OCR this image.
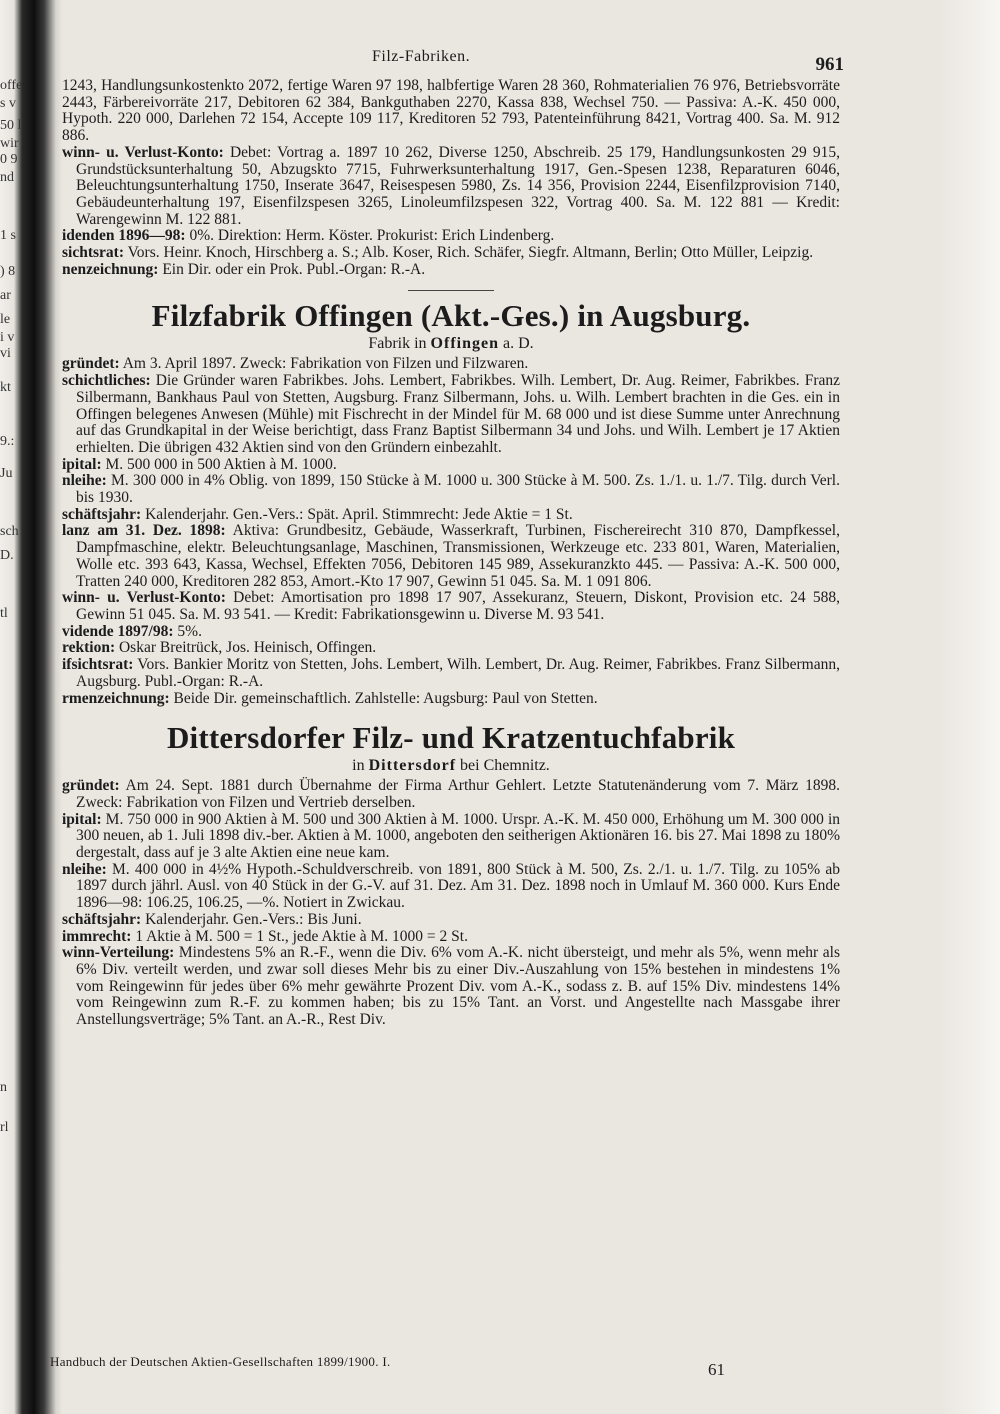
offe
s v
50 l
wir
0 9
nd
1 s
) 8
ar
le
i v
vi
kt
9.:
Ju
sch
D.
tl
n
rl
Filz-Fabriken.	961

1243, Handlungsunkostenkto 2072, fertige Waren 97 198, halbfertige Waren 28 360, Rohmaterialien 76 976, Betriebsvorräte 2443, Färbereivorräte 217, Debitoren 62 384, Bankguthaben 2270, Kassa 838, Wechsel 750. — Passiva: A.-K. 450 000, Hypoth. 220 000, Darlehen 72 154, Accepte 109 117, Kreditoren 52 793, Patenteinführung 8421, Vortrag 400. Sa. M. 912 886.

winn- u. Verlust-Konto: Debet: Vortrag a. 1897 10 262, Diverse 1250, Abschreib. 25 179, Handlungsunkosten 29 915, Grundstücksunterhaltung 50, Abzugskto 7715, Fuhrwerksunterhaltung 1917, Gen.-Spesen 1238, Reparaturen 6046, Beleuchtungsunterhaltung 1750, Inserate 3647, Reisespesen 5980, Zs. 14 356, Provision 2244, Eisenfilzprovision 7140, Gebäudeunterhaltung 197, Eisenfilzspesen 3265, Linoleumfilzspesen 322, Vortrag 400. Sa. M. 122 881 — Kredit: Warengewinn M. 122 881.

idenden 1896—98: 0%. Direktion: Herm. Köster. Prokurist: Erich Lindenberg.

sichtsrat: Vors. Heinr. Knoch, Hirschberg a. S.; Alb. Koser, Rich. Schäfer, Siegfr. Altmann, Berlin; Otto Müller, Leipzig.

nenzeichnung: Ein Dir. oder ein Prok. Publ.-Organ: R.-A.

Filzfabrik Offingen (Akt.-Ges.) in Augsburg.
Fabrik in Offingen a. D.

gründet: Am 3. April 1897. Zweck: Fabrikation von Filzen und Filzwaren.

schichtliches: Die Gründer waren Fabrikbes. Johs. Lembert, Fabrikbes. Wilh. Lembert, Dr. Aug. Reimer, Fabrikbes. Franz Silbermann, Bankhaus Paul von Stetten, Augsburg. Franz Silbermann, Johs. u. Wilh. Lembert brachten in die Ges. ein in Offingen belegenes Anwesen (Mühle) mit Fischrecht in der Mindel für M. 68 000 und ist diese Summe unter Anrechnung auf das Grundkapital in der Weise berichtigt, dass Franz Baptist Silbermann 34 und Johs. und Wilh. Lembert je 17 Aktien erhielten. Die übrigen 432 Aktien sind von den Gründern einbezahlt.

ipital: M. 500 000 in 500 Aktien à M. 1000.

nleihe: M. 300 000 in 4% Oblig. von 1899, 150 Stücke à M. 1000 u. 300 Stücke à M. 500. Zs. 1./1. u. 1./7. Tilg. durch Verl. bis 1930.

schäftsjahr: Kalenderjahr. Gen.-Vers.: Spät. April. Stimmrecht: Jede Aktie = 1 St.

lanz am 31. Dez. 1898: Aktiva: Grundbesitz, Gebäude, Wasserkraft, Turbinen, Fischereirecht 310 870, Dampfkessel, Dampfmaschine, elektr. Beleuchtungsanlage, Maschinen, Transmissionen, Werkzeuge etc. 233 801, Waren, Materialien, Wolle etc. 393 643, Kassa, Wechsel, Effekten 7056, Debitoren 145 989, Assekuranzkto 445. — Passiva: A.-K. 500 000, Tratten 240 000, Kreditoren 282 853, Amort.-Kto 17 907, Gewinn 51 045. Sa. M. 1 091 806.

winn- u. Verlust-Konto: Debet: Amortisation pro 1898 17 907, Assekuranz, Steuern, Diskont, Provision etc. 24 588, Gewinn 51 045. Sa. M. 93 541. — Kredit: Fabrikationsgewinn u. Diverse M. 93 541.

vidende 1897/98: 5%.

rektion: Oskar Breitrück, Jos. Heinisch, Offingen.

ifsichtsrat: Vors. Bankier Moritz von Stetten, Johs. Lembert, Wilh. Lembert, Dr. Aug. Reimer, Fabrikbes. Franz Silbermann, Augsburg. Publ.-Organ: R.-A.

rmenzeichnung: Beide Dir. gemeinschaftlich. Zahlstelle: Augsburg: Paul von Stetten.

Dittersdorfer Filz- und Kratzentuchfabrik
in Dittersdorf bei Chemnitz.

gründet: Am 24. Sept. 1881 durch Übernahme der Firma Arthur Gehlert. Letzte Statutenänderung vom 7. März 1898. Zweck: Fabrikation von Filzen und Vertrieb derselben.

ipital: M. 750 000 in 900 Aktien à M. 500 und 300 Aktien à M. 1000. Urspr. A.-K. M. 450 000, Erhöhung um M. 300 000 in 300 neuen, ab 1. Juli 1898 div.-ber. Aktien à M. 1000, angeboten den seitherigen Aktionären 16. bis 27. Mai 1898 zu 180% dergestalt, dass auf je 3 alte Aktien eine neue kam.

nleihe: M. 400 000 in 4½% Hypoth.-Schuldverschreib. von 1891, 800 Stück à M. 500, Zs. 2./1. u. 1./7. Tilg. zu 105% ab 1897 durch jährl. Ausl. von 40 Stück in der G.-V. auf 31. Dez. Am 31. Dez. 1898 noch in Umlauf M. 360 000. Kurs Ende 1896—98: 106.25, 106.25, —%. Notiert in Zwickau.

schäftsjahr: Kalenderjahr. Gen.-Vers.: Bis Juni.

immrecht: 1 Aktie à M. 500 = 1 St., jede Aktie à M. 1000 = 2 St.

winn-Verteilung: Mindestens 5% an R.-F., wenn die Div. 6% vom A.-K. nicht übersteigt, und mehr als 5%, wenn mehr als 6% Div. verteilt werden, und zwar soll dieses Mehr bis zu einer Div.-Auszahlung von 15% bestehen in mindestens 1% vom Reingewinn für jedes über 6% mehr gewährte Prozent Div. vom A.-K., sodass z. B. auf 15% Div. mindestens 14% vom Reingewinn zum R.-F. zu kommen haben; bis zu 15% Tant. an Vorst. und Angestellte nach Massgabe ihrer Anstellungsverträge; 5% Tant. an A.-R., Rest Div.

Handbuch der Deutschen Aktien-Gesellschaften 1899/1900. I.	61
